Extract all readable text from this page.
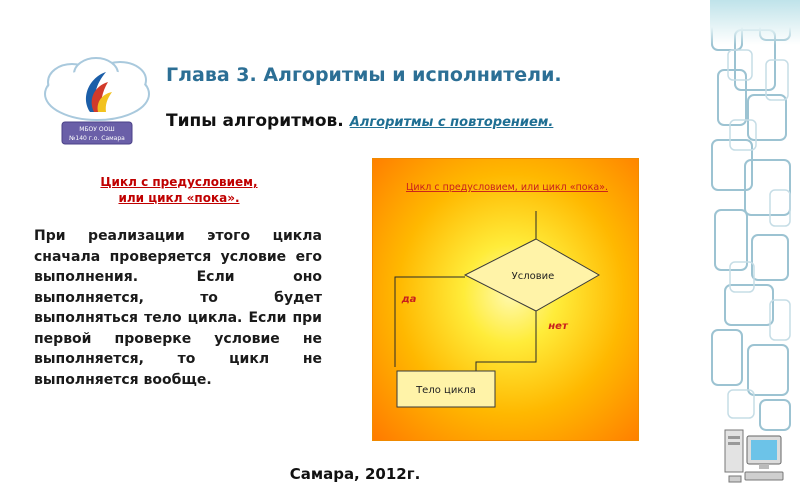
МБОУ ООШ
№140 г.о. Самара
Глава 3. Алгоритмы и исполнители.
Типы алгоритмов. Алгоритмы с повторением.
Цикл с предусловием,
или цикл «пока».
При реализации этого цикла сначала проверяется условие его выполнения. Если оно выполняется, то будет выполняться тело цикла. Если при первой проверке условие не выполняется, то цикл не выполняется вообще.
Цикл с предусловием, или цикл «пока».
Условие
да
нет
Тело цикла
Самара, 2012г.
